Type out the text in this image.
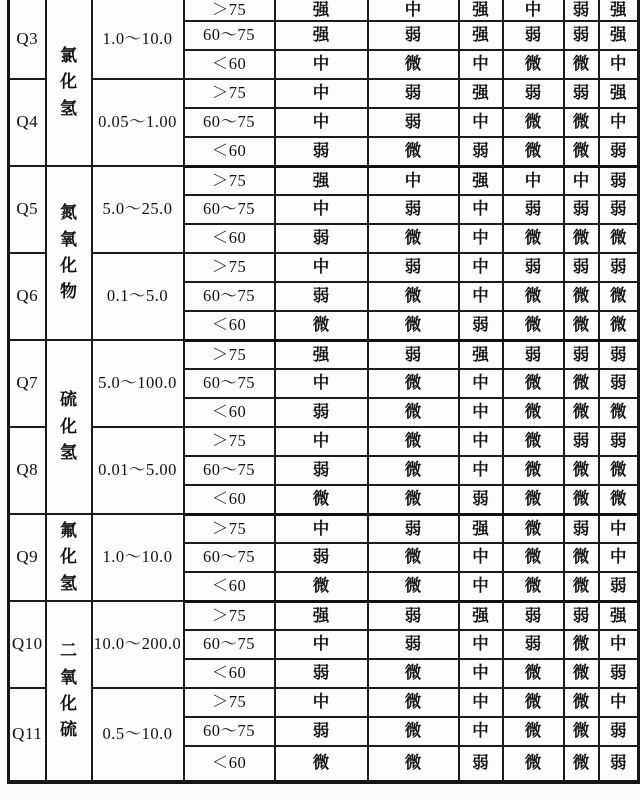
Q3	氯化氢	1.0～10.0	＞75	强	中	强	中	弱	强
			60～75	强	弱	强	弱	弱	强
			＜60	中	微	中	微	微	中
Q4		0.05～1.00	＞75	中	弱	强	弱	弱	强
			60～75	中	弱	中	微	微	中
			＜60	弱	微	弱	微	微	弱
Q5	氮氧化物	5.0～25.0	＞75	强	中	强	中	中	弱
			60～75	中	弱	中	弱	弱	弱
			＜60	弱	微	中	微	微	微
Q6		0.1～5.0	＞75	中	弱	中	弱	弱	弱
			60～75	弱	微	中	微	微	微
			＜60	微	微	弱	微	微	微
Q7	硫化氢	5.0～100.0	＞75	强	弱	强	弱	弱	弱
			60～75	中	微	中	微	微	弱
			＜60	弱	微	中	微	微	微
Q8		0.01～5.00	＞75	中	微	中	微	弱	弱
			60～75	弱	微	中	微	微	微
			＜60	微	微	弱	微	微	微
Q9	氟化氢	1.0～10.0	＞75	中	弱	强	微	弱	中
			60～75	弱	微	中	微	微	中
			＜60	微	微	中	微	微	弱
Q10	二氧化硫	10.0～200.0	＞75	强	弱	强	弱	弱	强
			60～75	中	弱	中	弱	微	中
			＜60	弱	微	中	微	微	弱
Q11		0.5～10.0	＞75	中	微	中	微	微	中
			60～75	弱	微	中	微	微	弱
			＜60	微	微	弱	微	微	弱
